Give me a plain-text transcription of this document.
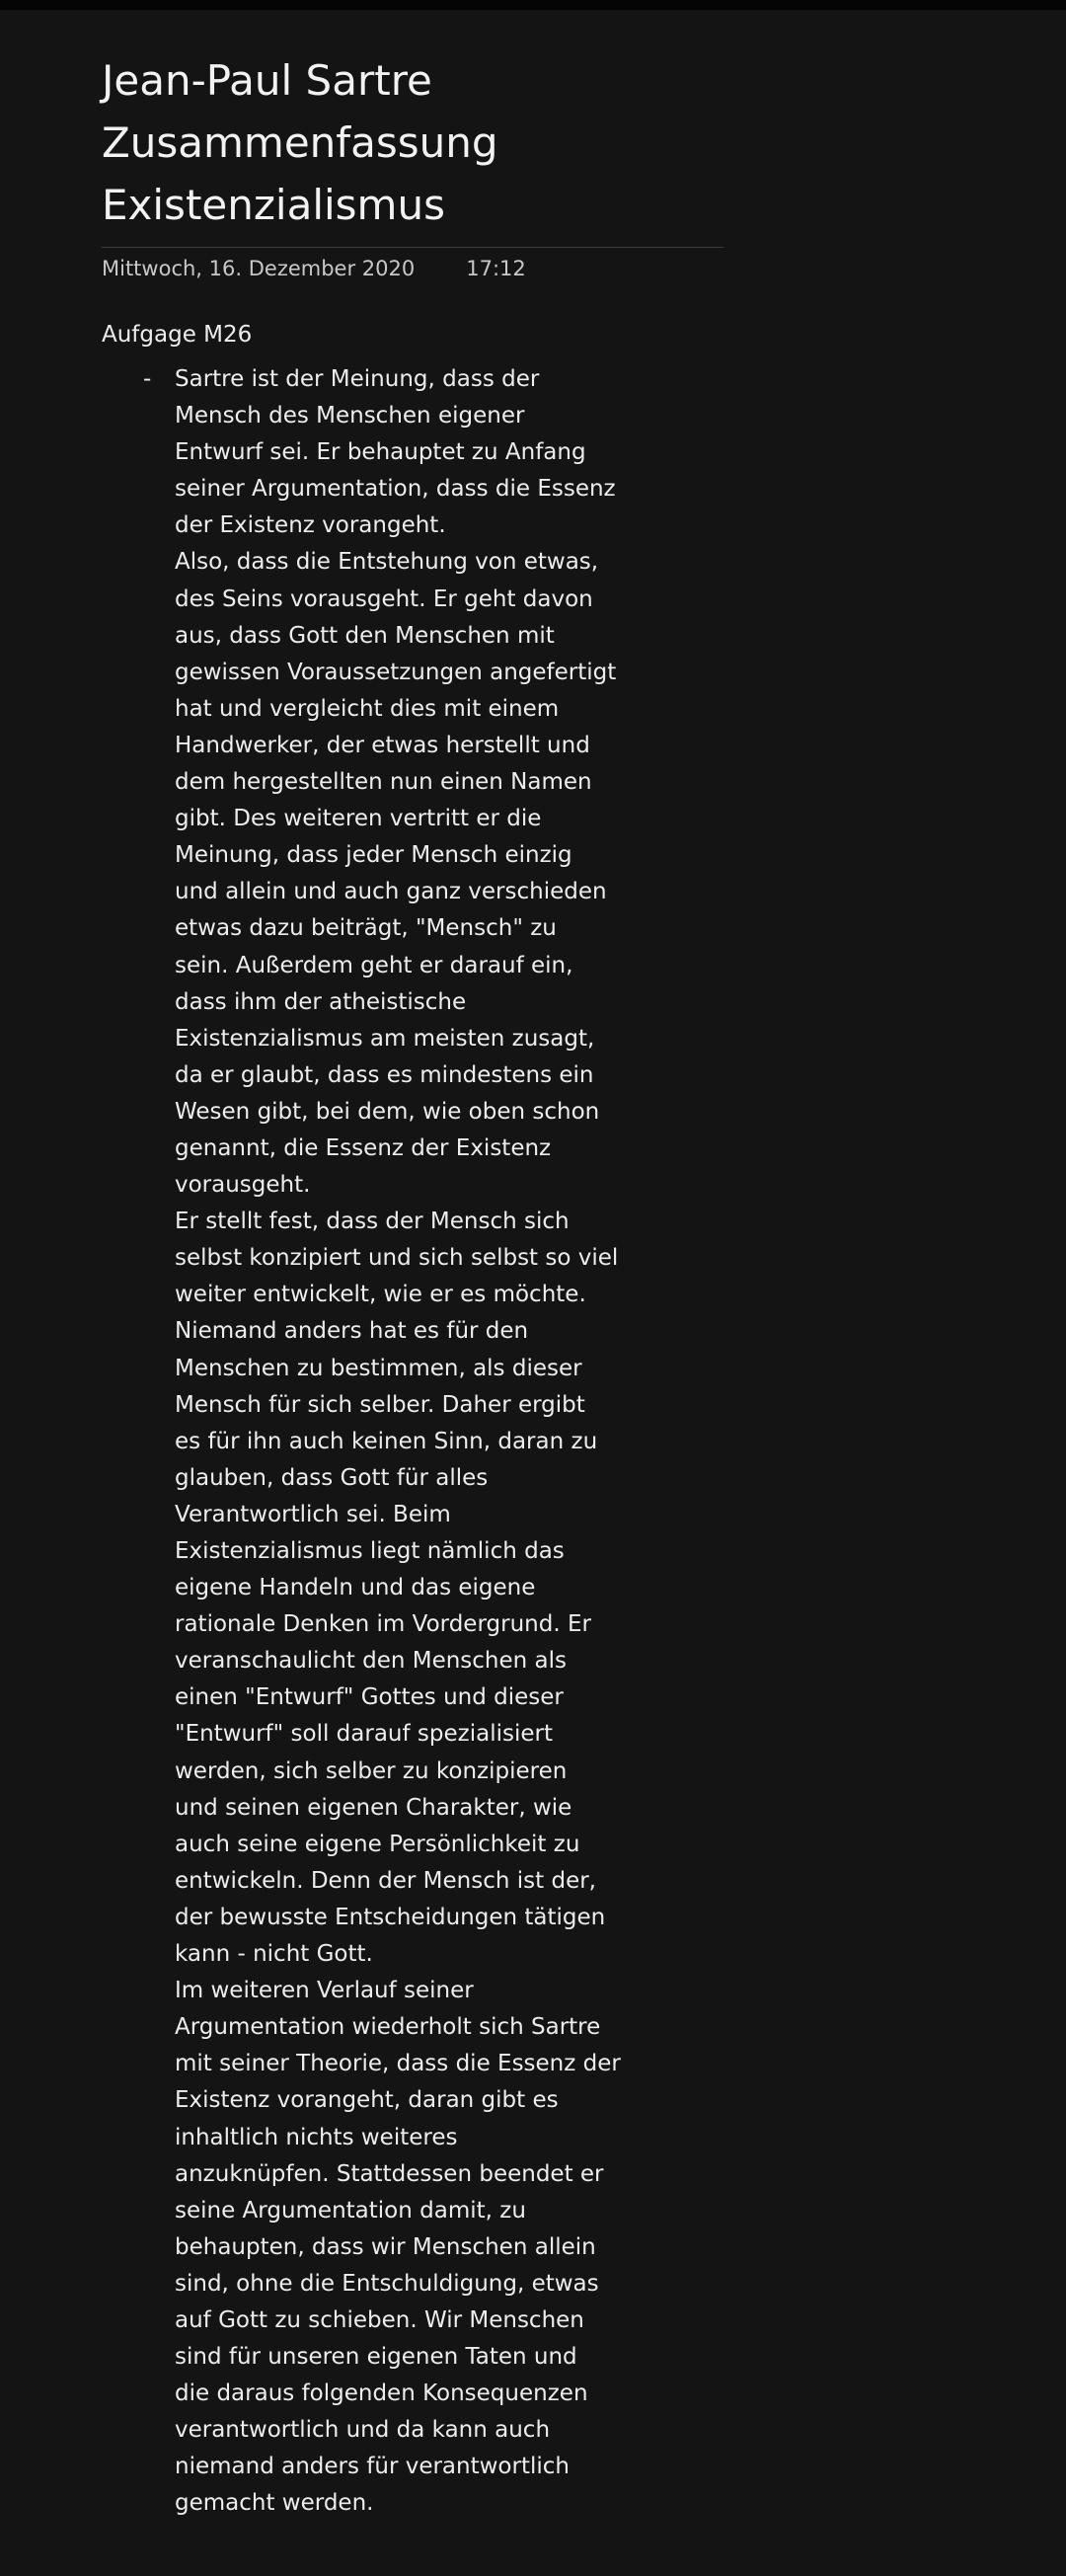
Jean-Paul Sartre
Zusammenfassung
Existenzialismus
Mittwoch, 16. Dezember 2020 17:12
Aufgage M26
- Sartre ist der Meinung, dass der
Mensch des Menschen eigener
Entwurf sei. Er behauptet zu Anfang
seiner Argumentation, dass die Essenz
der Existenz vorangeht.
Also, dass die Entstehung von etwas,
des Seins vorausgeht. Er geht davon
aus, dass Gott den Menschen mit
gewissen Voraussetzungen angefertigt
hat und vergleicht dies mit einem
Handwerker, der etwas herstellt und
dem hergestellten nun einen Namen
gibt. Des weiteren vertritt er die
Meinung, dass jeder Mensch einzig
und allein und auch ganz verschieden
etwas dazu beiträgt, "Mensch" zu
sein. Außerdem geht er darauf ein,
dass ihm der atheistische
Existenzialismus am meisten zusagt,
da er glaubt, dass es mindestens ein
Wesen gibt, bei dem, wie oben schon
genannt, die Essenz der Existenz
vorausgeht.
Er stellt fest, dass der Mensch sich
selbst konzipiert und sich selbst so viel
weiter entwickelt, wie er es möchte.
Niemand anders hat es für den
Menschen zu bestimmen, als dieser
Mensch für sich selber. Daher ergibt
es für ihn auch keinen Sinn, daran zu
glauben, dass Gott für alles
Verantwortlich sei. Beim
Existenzialismus liegt nämlich das
eigene Handeln und das eigene
rationale Denken im Vordergrund. Er
veranschaulicht den Menschen als
einen "Entwurf" Gottes und dieser
"Entwurf" soll darauf spezialisiert
werden, sich selber zu konzipieren
und seinen eigenen Charakter, wie
auch seine eigene Persönlichkeit zu
entwickeln. Denn der Mensch ist der,
der bewusste Entscheidungen tätigen
kann - nicht Gott.
Im weiteren Verlauf seiner
Argumentation wiederholt sich Sartre
mit seiner Theorie, dass die Essenz der
Existenz vorangeht, daran gibt es
inhaltlich nichts weiteres
anzuknüpfen. Stattdessen beendet er
seine Argumentation damit, zu
behaupten, dass wir Menschen allein
sind, ohne die Entschuldigung, etwas
auf Gott zu schieben. Wir Menschen
sind für unseren eigenen Taten und
die daraus folgenden Konsequenzen
verantwortlich und da kann auch
niemand anders für verantwortlich
gemacht werden.
